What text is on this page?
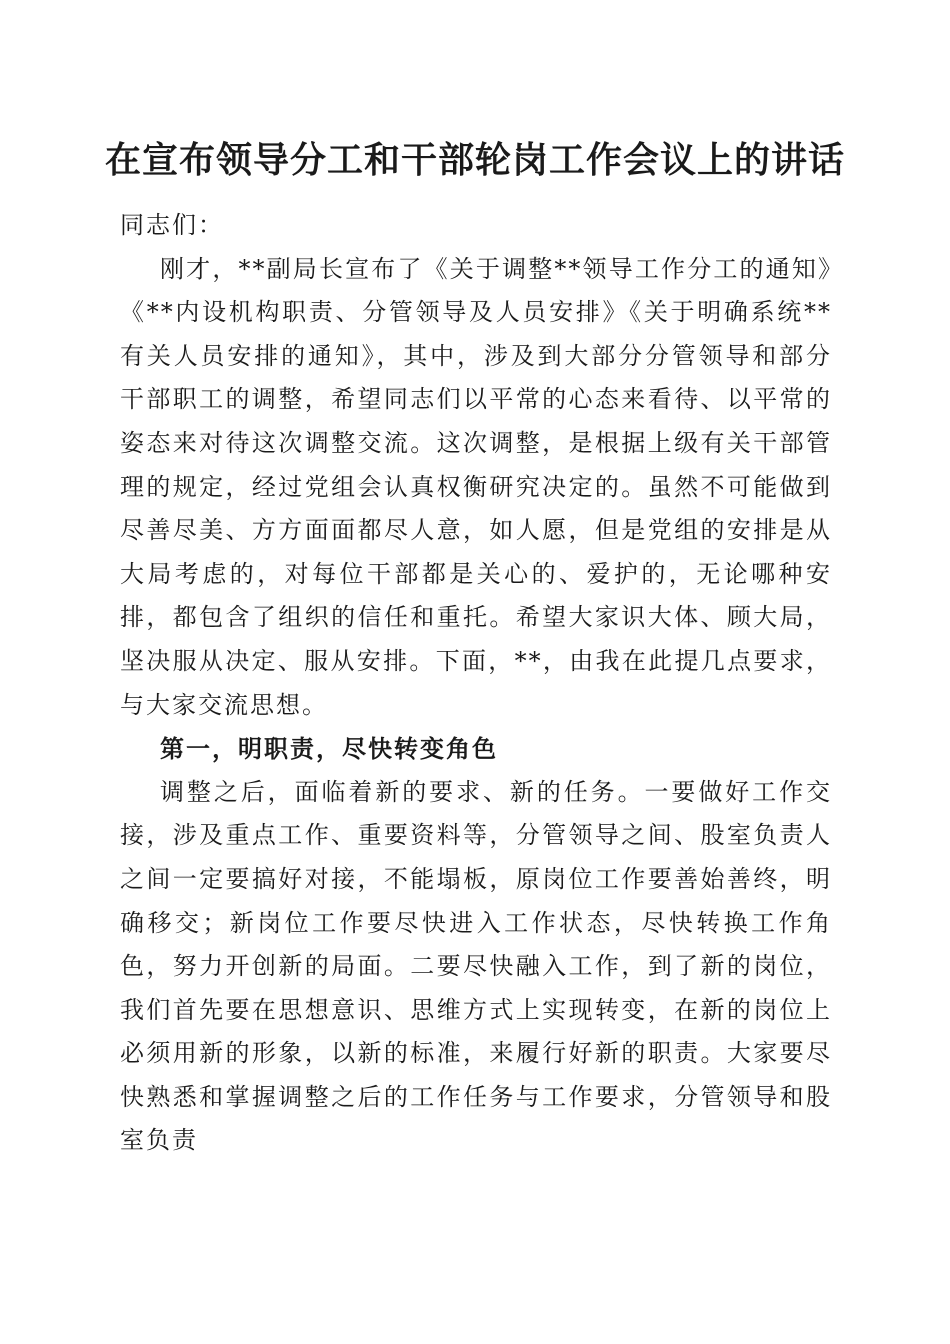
在宣布领导分工和干部轮岗工作会议上的讲话

同志们：

刚才，**副局长宣布了《关于调整**领导工作分工的通知》《**内设机构职责、分管领导及人员安排》《关于明确系统**有关人员安排的通知》，其中，涉及到大部分分管领导和部分干部职工的调整，希望同志们以平常的心态来看待、以平常的姿态来对待这次调整交流。这次调整，是根据上级有关干部管理的规定，经过党组会认真权衡研究决定的。虽然不可能做到尽善尽美、方方面面都尽人意，如人愿，但是党组的安排是从大局考虑的，对每位干部都是关心的、爱护的，无论哪种安排，都包含了组织的信任和重托。希望大家识大体、顾大局，坚决服从决定、服从安排。下面，**，由我在此提几点要求，与大家交流思想。

第一，明职责，尽快转变角色

调整之后，面临着新的要求、新的任务。一要做好工作交接，涉及重点工作、重要资料等，分管领导之间、股室负责人之间一定要搞好对接，不能塌板，原岗位工作要善始善终，明确移交；新岗位工作要尽快进入工作状态，尽快转换工作角色，努力开创新的局面。二要尽快融入工作，到了新的岗位，我们首先要在思想意识、思维方式上实现转变，在新的岗位上必须用新的形象，以新的标准，来履行好新的职责。大家要尽快熟悉和掌握调整之后的工作任务与工作要求，分管领导和股室负责
